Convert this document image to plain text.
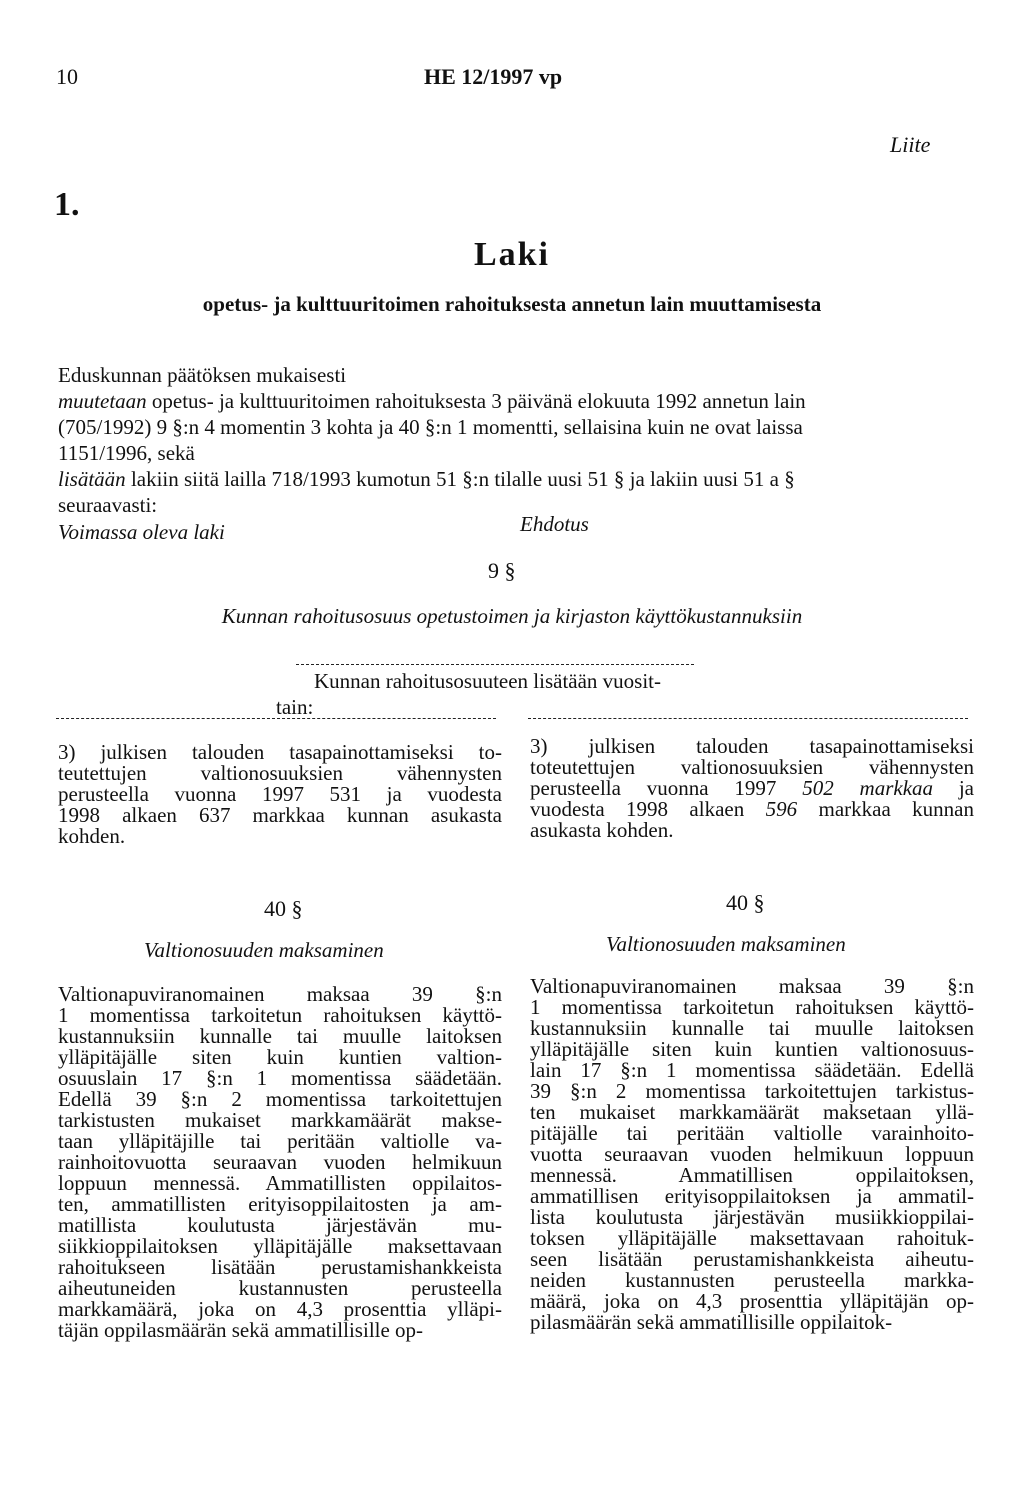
10	HE 12/1997 vp
Liite
1.
Laki
opetus- ja kulttuuritoimen rahoituksesta annetun lain muuttamisesta
Eduskunnan päätöksen mukaisesti
muutetaan opetus- ja kulttuuritoimen rahoituksesta 3 päivänä elokuuta 1992 annetun lain
(705/1992) 9 §:n 4 momentin 3 kohta ja 40 §:n 1 momentti, sellaisina kuin ne ovat laissa
1151/1996, sekä
lisätään lakiin siitä lailla 718/1993 kumotun 51 §:n tilalle uusi 51 § ja lakiin uusi 51 a §
seuraavasti:
Voimassa oleva laki	Ehdotus
9 §
Kunnan rahoitusosuus opetustoimen ja kirjaston käyttökustannuksiin
Kunnan rahoitusosuuteen lisätään vuosit-
tain:
3) julkisen talouden tasapainottamiseksi to-
teutettujen valtionosuuksien vähennysten
perusteella vuonna 1997 531 ja vuodesta
1998 alkaen 637 markkaa kunnan asukasta
kohden.
3) julkisen talouden tasapainottamiseksi
toteutettujen valtionosuuksien vähennysten
perusteella vuonna 1997 502 markkaa ja
vuodesta 1998 alkaen 596 markkaa kunnan
asukasta kohden.
40 §	40 §
Valtionosuuden maksaminen	Valtionosuuden maksaminen
Valtionapuviranomainen maksaa 39 §:n
1 momentissa tarkoitetun rahoituksen käyttö-
kustannuksiin kunnalle tai muulle laitoksen
ylläpitäjälle siten kuin kuntien valtion-
osuuslain 17 §:n 1 momentissa säädetään.
Edellä 39 §:n 2 momentissa tarkoitettujen
tarkistusten mukaiset markkamäärät makse-
taan ylläpitäjille tai peritään valtiolle va-
rainhoitovuotta seuraavan vuoden helmikuun
loppuun mennessä. Ammatillisten oppilaitos-
ten, ammatillisten erityisoppilaitosten ja am-
matillista koulutusta järjestävän mu-
siikkioppilaitoksen ylläpitäjälle maksettavaan
rahoitukseen lisätään perustamishankkeista
aiheutuneiden kustannusten perusteella
markkamäärä, joka on 4,3 prosenttia ylläpi-
täjän oppilasmäärän sekä ammatillisille op-
Valtionapuviranomainen maksaa 39 §:n
1 momentissa tarkoitetun rahoituksen käyttö-
kustannuksiin kunnalle tai muulle laitoksen
ylläpitäjälle siten kuin kuntien valtionosuus-
lain 17 §:n 1 momentissa säädetään. Edellä
39 §:n 2 momentissa tarkoitettujen tarkistus-
ten mukaiset markkamäärät maksetaan yllä-
pitäjälle tai peritään valtiolle varainhoito-
vuotta seuraavan vuoden helmikuun loppuun
mennessä. Ammatillisen oppilaitoksen,
ammatillisen erityisoppilaitoksen ja ammatil-
lista koulutusta järjestävän musiikkioppilai-
toksen ylläpitäjälle maksettavaan rahoituk-
seen lisätään perustamishankkeista aiheutu-
neiden kustannusten perusteella markka-
määrä, joka on 4,3 prosenttia ylläpitäjän op-
pilasmäärän sekä ammatillisille oppilaitok-
